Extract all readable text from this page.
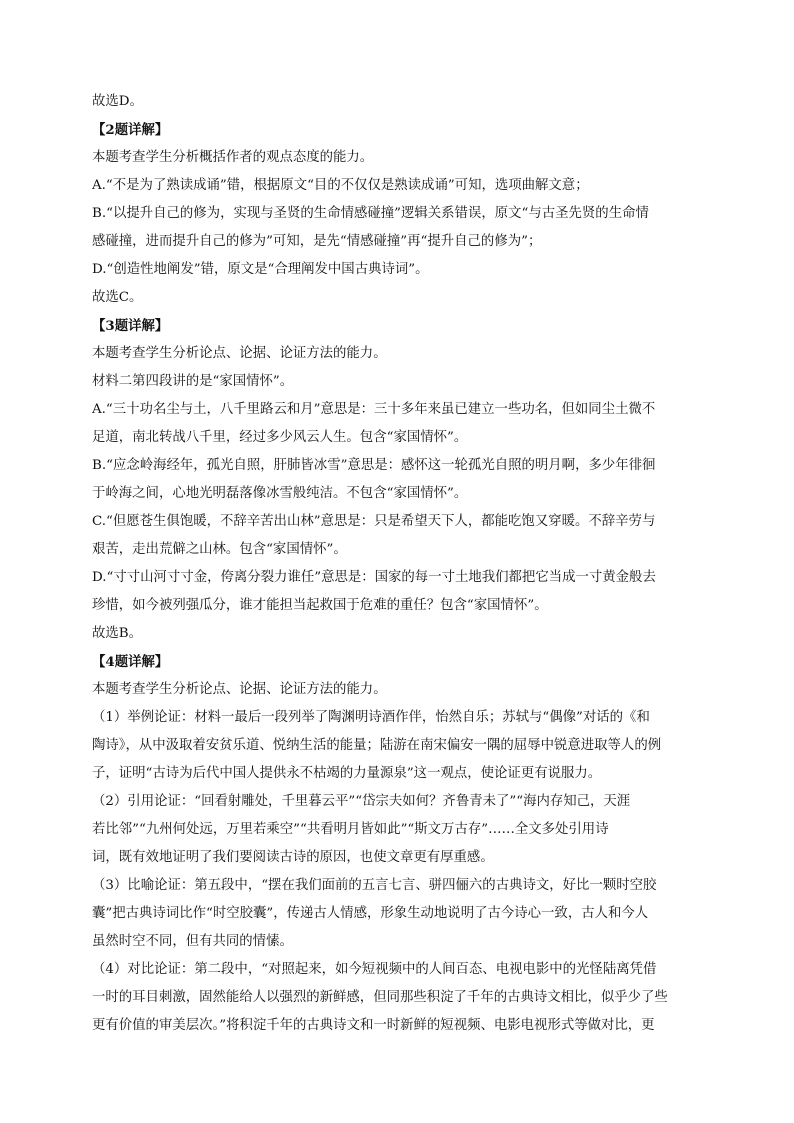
故选D。
【2题详解】
本题考查学生分析概括作者的观点态度的能力。
A.“不是为了熟读成诵”错，根据原文“目的不仅仅是熟读成诵”可知，选项曲解文意；
B.“以提升自己的修为，实现与圣贤的生命情感碰撞”逻辑关系错误，原文“与古圣先贤的生命情
感碰撞，进而提升自己的修为”可知，是先“情感碰撞”再“提升自己的修为”；
D.“创造性地阐发”错，原文是“合理阐发中国古典诗词”。
故选C。
【3题详解】
本题考查学生分析论点、论据、论证方法的能力。
材料二第四段讲的是“家国情怀”。
A.“三十功名尘与土，八千里路云和月”意思是：三十多年来虽已建立一些功名，但如同尘土微不
足道，南北转战八千里，经过多少风云人生。包含“家国情怀”。
B.“应念岭海经年，孤光自照，肝肺皆冰雪”意思是：感怀这一轮孤光自照的明月啊，多少年徘徊
于岭海之间，心地光明磊落像冰雪般纯洁。不包含“家国情怀”。
C.“但愿苍生俱饱暖，不辞辛苦出山林”意思是：只是希望天下人，都能吃饱又穿暖。不辞辛劳与
艰苦，走出荒僻之山林。包含“家国情怀”。
D.“寸寸山河寸寸金，侉离分裂力谁任”意思是：国家的每一寸土地我们都把它当成一寸黄金般去
珍惜，如今被列强瓜分，谁才能担当起救国于危难的重任？包含“家国情怀”。
故选B。
【4题详解】
本题考查学生分析论点、论据、论证方法的能力。
（1）举例论证：材料一最后一段列举了陶渊明诗酒作伴，怡然自乐；苏轼与“偶像”对话的《和
陶诗》，从中汲取着安贫乐道、悦纳生活的能量；陆游在南宋偏安一隅的屈辱中锐意进取等人的例
子，证明“古诗为后代中国人提供永不枯竭的力量源泉”这一观点，使论证更有说服力。
（2）引用论证：“回看射雕处，千里暮云平”“岱宗夫如何？齐鲁青未了”“海内存知己，天涯
若比邻”“九州何处远，万里若乘空”“共看明月皆如此”“斯文万古存”……全文多处引用诗
词，既有效地证明了我们要阅读古诗的原因，也使文章更有厚重感。
（3）比喻论证：第五段中，“摆在我们面前的五言七言、骈四俪六的古典诗文，好比一颗时空胶
囊”把古典诗词比作“时空胶囊”，传递古人情感，形象生动地说明了古今诗心一致，古人和今人
虽然时空不同，但有共同的情愫。
（4）对比论证：第二段中，“对照起来，如今短视频中的人间百态、电视电影中的光怪陆离凭借
一时的耳目刺激，固然能给人以强烈的新鲜感，但同那些积淀了千年的古典诗文相比，似乎少了些
更有价值的审美层次。”将积淀千年的古典诗文和一时新鲜的短视频、电影电视形式等做对比，更
